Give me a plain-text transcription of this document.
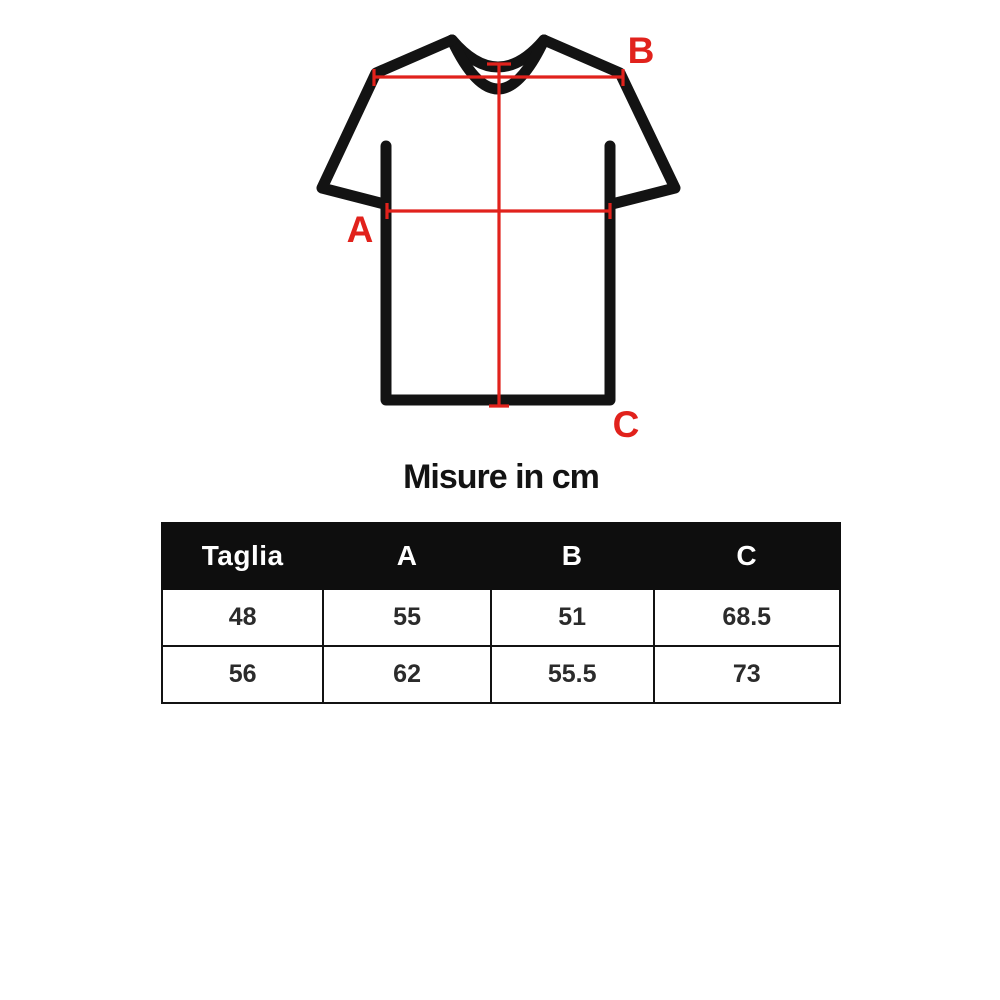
A
B
C
Misure in cm
Taglia	A	B	C
48	55	51	68.5
56	62	55.5	73
